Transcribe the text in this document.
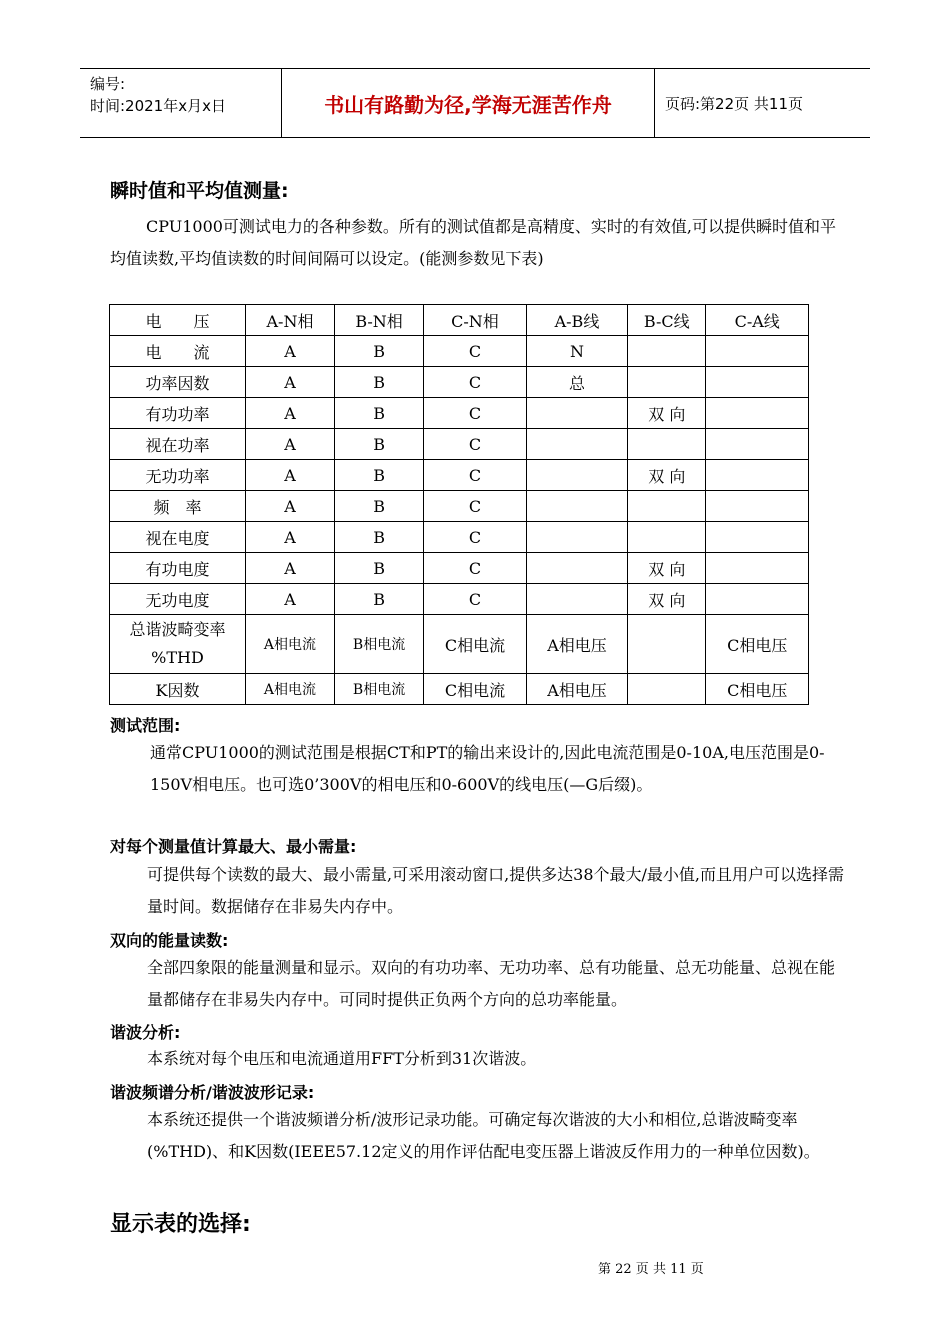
编号:
时间:2021年x月x日	书山有路勤为径,学海无涯苦作舟	页码:第22页 共11页
瞬时值和平均值测量:
CPU1000可测试电力的各种参数。所有的测试值都是高精度、实时的有效值,可以提供瞬时值和平均值读数,平均值读数的时间间隔可以设定。(能测参数见下表)
电　　压	A-N相	B-N相	C-N相	A-B线	B-C线	C-A线
电　　流	A	B	C	N		
功率因数	A	B	C	总		
有功功率	A	B	C		双 向	
视在功率	A	B	C			
无功功率	A	B	C		双 向	
频　率	A	B	C			
视在电度	A	B	C			
有功电度	A	B	C		双 向	
无功电度	A	B	C		双 向	

总谐波畸变率
%THD	A相电流	B相电流	C相电流	A相电压		C相电压
K因数	A相电流	B相电流	C相电流	A相电压		C相电压
测试范围:
通常CPU1000的测试范围是根据CT和PT的输出来设计的,因此电流范围是0-10A,电压范围是0-150V相电压。也可选0’300V的相电压和0-600V的线电压(—G后缀)。
对每个测量值计算最大、最小需量:
可提供每个读数的最大、最小需量,可采用滚动窗口,提供多达38个最大/最小值,而且用户可以选择需量时间。数据储存在非易失内存中。
双向的能量读数:
全部四象限的能量测量和显示。双向的有功功率、无功功率、总有功能量、总无功能量、总视在能量都储存在非易失内存中。可同时提供正负两个方向的总功率能量。
谐波分析:
本系统对每个电压和电流通道用FFT分析到31次谐波。
谐波频谱分析/谐波波形记录:
本系统还提供一个谐波频谱分析/波形记录功能。可确定每次谐波的大小和相位,总谐波畸变率(%THD)、和K因数(IEEE57.12定义的用作评估配电变压器上谐波反作用力的一种单位因数)。
显示表的选择:
第 22 页 共 11 页
